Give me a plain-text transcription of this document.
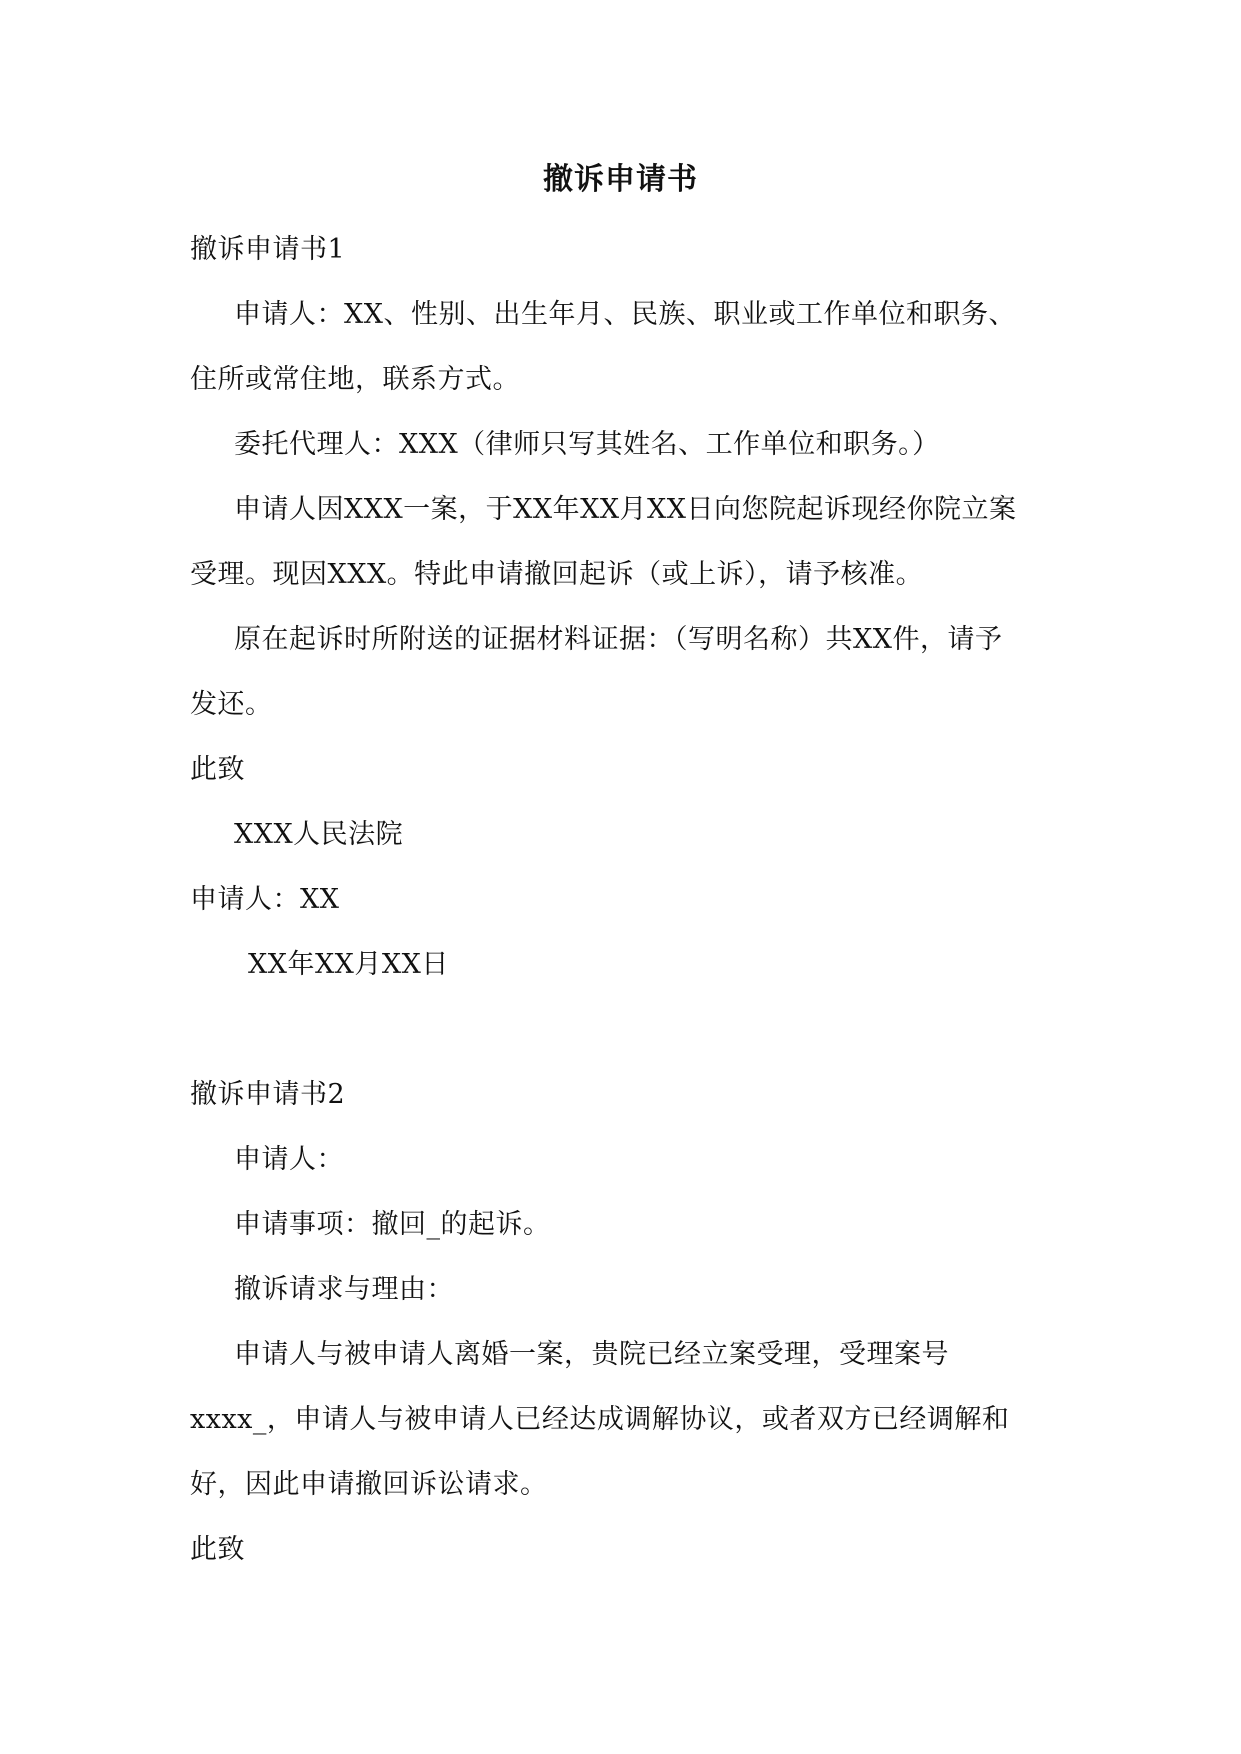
撤诉申请书
撤诉申请书1
申请人：XX、性别、出生年月、民族、职业或工作单位和职务、
住所或常住地，联系方式。
委托代理人：XXX（律师只写其姓名、工作单位和职务。）
申请人因XXX一案，于XX年XX月XX日向您院起诉现经你院立案
受理。现因XXX。特此申请撤回起诉（或上诉），请予核准。
原在起诉时所附送的证据材料证据：（写明名称）共XX件，请予
发还。
此致
XXX人民法院
申请人：XX
XX年XX月XX日
撤诉申请书2
申请人：
申请事项：撤回_的起诉。
撤诉请求与理由：
申请人与被申请人离婚一案，贵院已经立案受理，受理案号
xxxx_，申请人与被申请人已经达成调解协议，或者双方已经调解和
好，因此申请撤回诉讼请求。
此致
